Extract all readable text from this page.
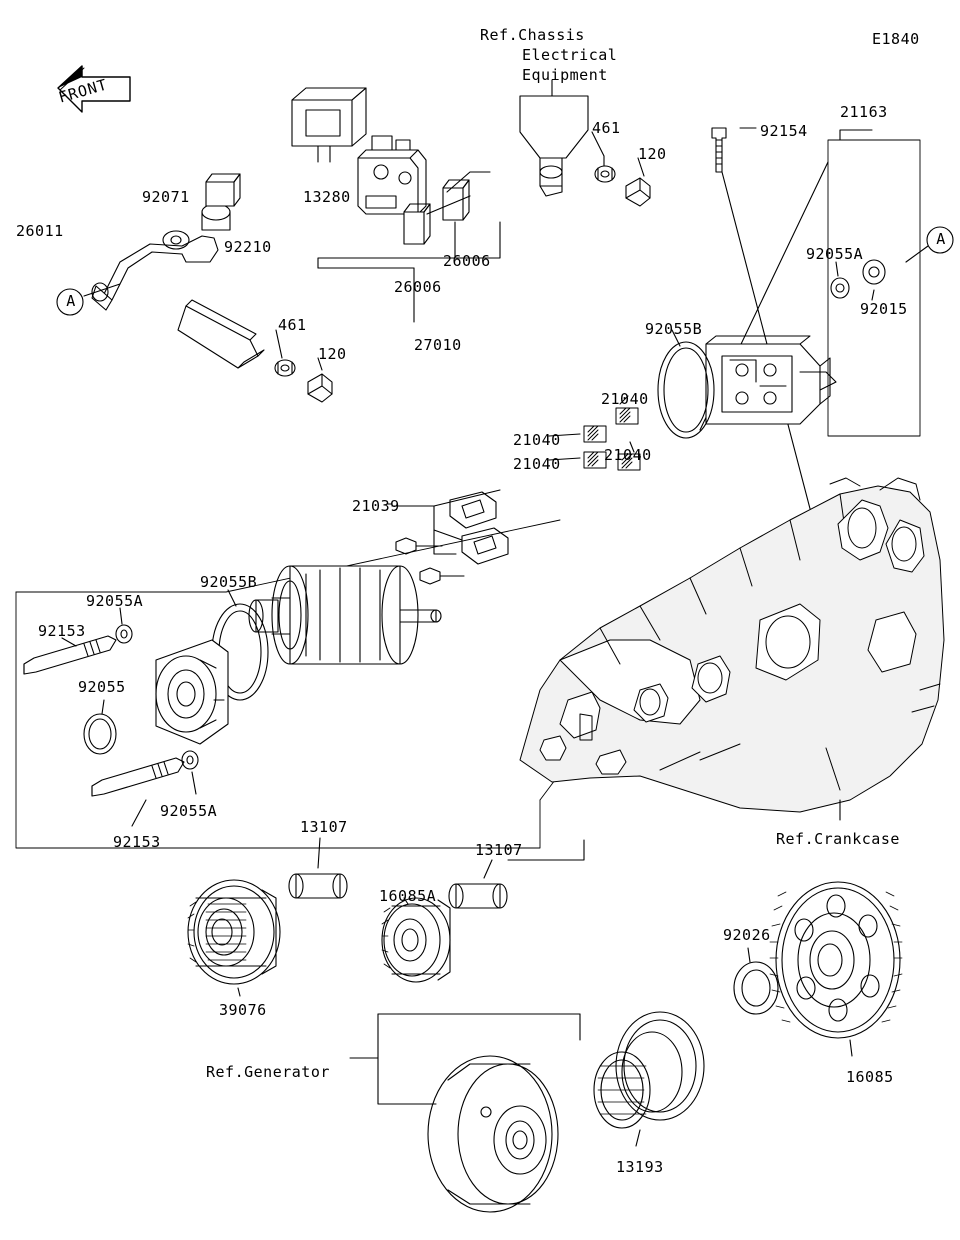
FRONT
E1840
Ref.Chassis
Electrical
Equipment
13280
461
120
92154
21163
92071
26011
92210
26006
26006
27010
461
120
92055A
92015
92055B
21040
21040
21040	21040
21039
92055B
92055A
92153
92055
92055A
92153	Ref.Crankcase
13107
16085A
13107
92026
39076
16085
Ref.Generator
13193
A
A
